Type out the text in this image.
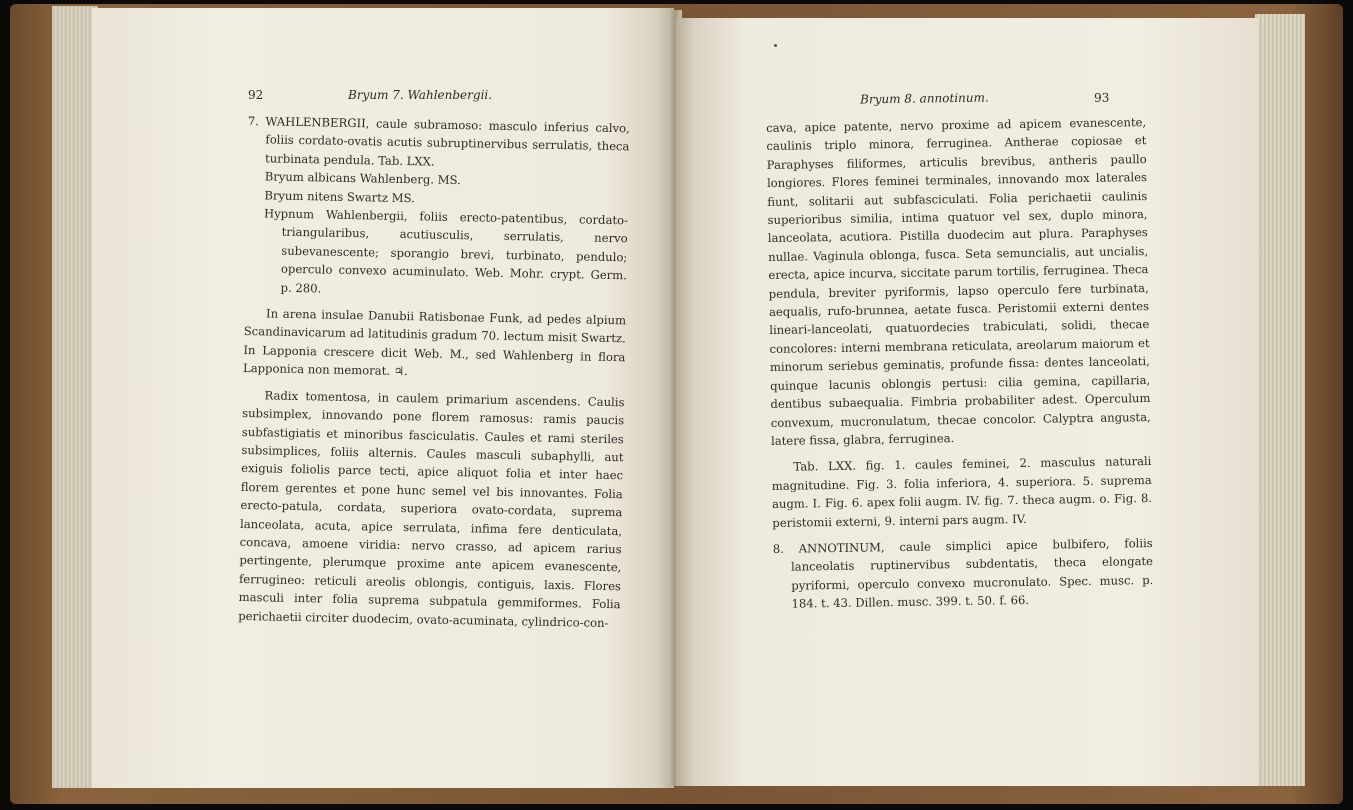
92	Bryum 7. Wahlenbergii.

7. WAHLENBERGII, caule subramoso: masculo inferius calvo, foliis cordato-ovatis acutis subruptinervibus serrulatis, theca turbinata pendula. Tab. LXX.

Bryum albicans Wahlenberg. MS.

Bryum nitens Swartz MS.

Hypnum Wahlenbergii, foliis erecto-patentibus, cordato-triangularibus, acutiusculis, serrulatis, nervo subevanescente; sporangio brevi, turbinato, pendulo; operculo convexo acuminulato. Web. Mohr. crypt. Germ. p. 280.

In arena insulae Danubii Ratisbonae Funk, ad pedes alpium Scandinavicarum ad latitudinis gradum 70. lectum misit Swartz. In Lapponia crescere dicit Web. M., sed Wahlenberg in flora Lapponica non memorat. ♃.

Radix tomentosa, in caulem primarium ascendens. Caulis subsimplex, innovando pone florem ramosus: ramis paucis subfastigiatis et minoribus fasciculatis. Caules et rami steriles subsimplices, foliis alternis. Caules masculi subaphylli, aut exiguis foliolis parce tecti, apice aliquot folia et inter haec florem gerentes et pone hunc semel vel bis innovantes. Folia erecto-patula, cordata, superiora ovato-cordata, suprema lanceolata, acuta, apice serrulata, infima fere denticulata, concava, amoene viridia: nervo crasso, ad apicem rarius pertingente, plerumque proxime ante apicem evanescente, ferrugineo: reticuli areolis oblongis, contiguis, laxis. Flores masculi inter folia suprema subpatula gemmiformes. Folia perichaetii circiter duodecim, ovato-acuminata, cylindrico-con-

Bryum 8. annotinum.	93

cava, apice patente, nervo proxime ad apicem evanescente, caulinis triplo minora, ferruginea. Antherae copiosae et Paraphyses filiformes, articulis brevibus, antheris paullo longiores. Flores feminei terminales, innovando mox laterales fiunt, solitarii aut subfasciculati. Folia perichaetii caulinis superioribus similia, intima quatuor vel sex, duplo minora, lanceolata, acutiora. Pistilla duodecim aut plura. Paraphyses nullae. Vaginula oblonga, fusca. Seta semuncialis, aut uncialis, erecta, apice incurva, siccitate parum tortilis, ferruginea. Theca pendula, breviter pyriformis, lapso operculo fere turbinata, aequalis, rufo-brunnea, aetate fusca. Peristomii externi dentes lineari-lanceolati, quatuordecies trabiculati, solidi, thecae concolores: interni membrana reticulata, areolarum maiorum et minorum seriebus geminatis, profunde fissa: dentes lanceolati, quinque lacunis oblongis pertusi: cilia gemina, capillaria, dentibus subaequalia. Fimbria probabiliter adest. Operculum convexum, mucronulatum, thecae concolor. Calyptra angusta, latere fissa, glabra, ferruginea.

Tab. LXX. fig. 1. caules feminei, 2. masculus naturali magnitudine. Fig. 3. folia inferiora, 4. superiora. 5. suprema augm. I. Fig. 6. apex folii augm. IV. fig. 7. theca augm. o. Fig. 8. peristomii externi, 9. interni pars augm. IV.

8. ANNOTINUM, caule simplici apice bulbifero, foliis lanceolatis ruptinervibus subdentatis, theca elongate pyriformi, operculo convexo mucronulato. Spec. musc. p. 184. t. 43. Dillen. musc. 399. t. 50. f. 66.
